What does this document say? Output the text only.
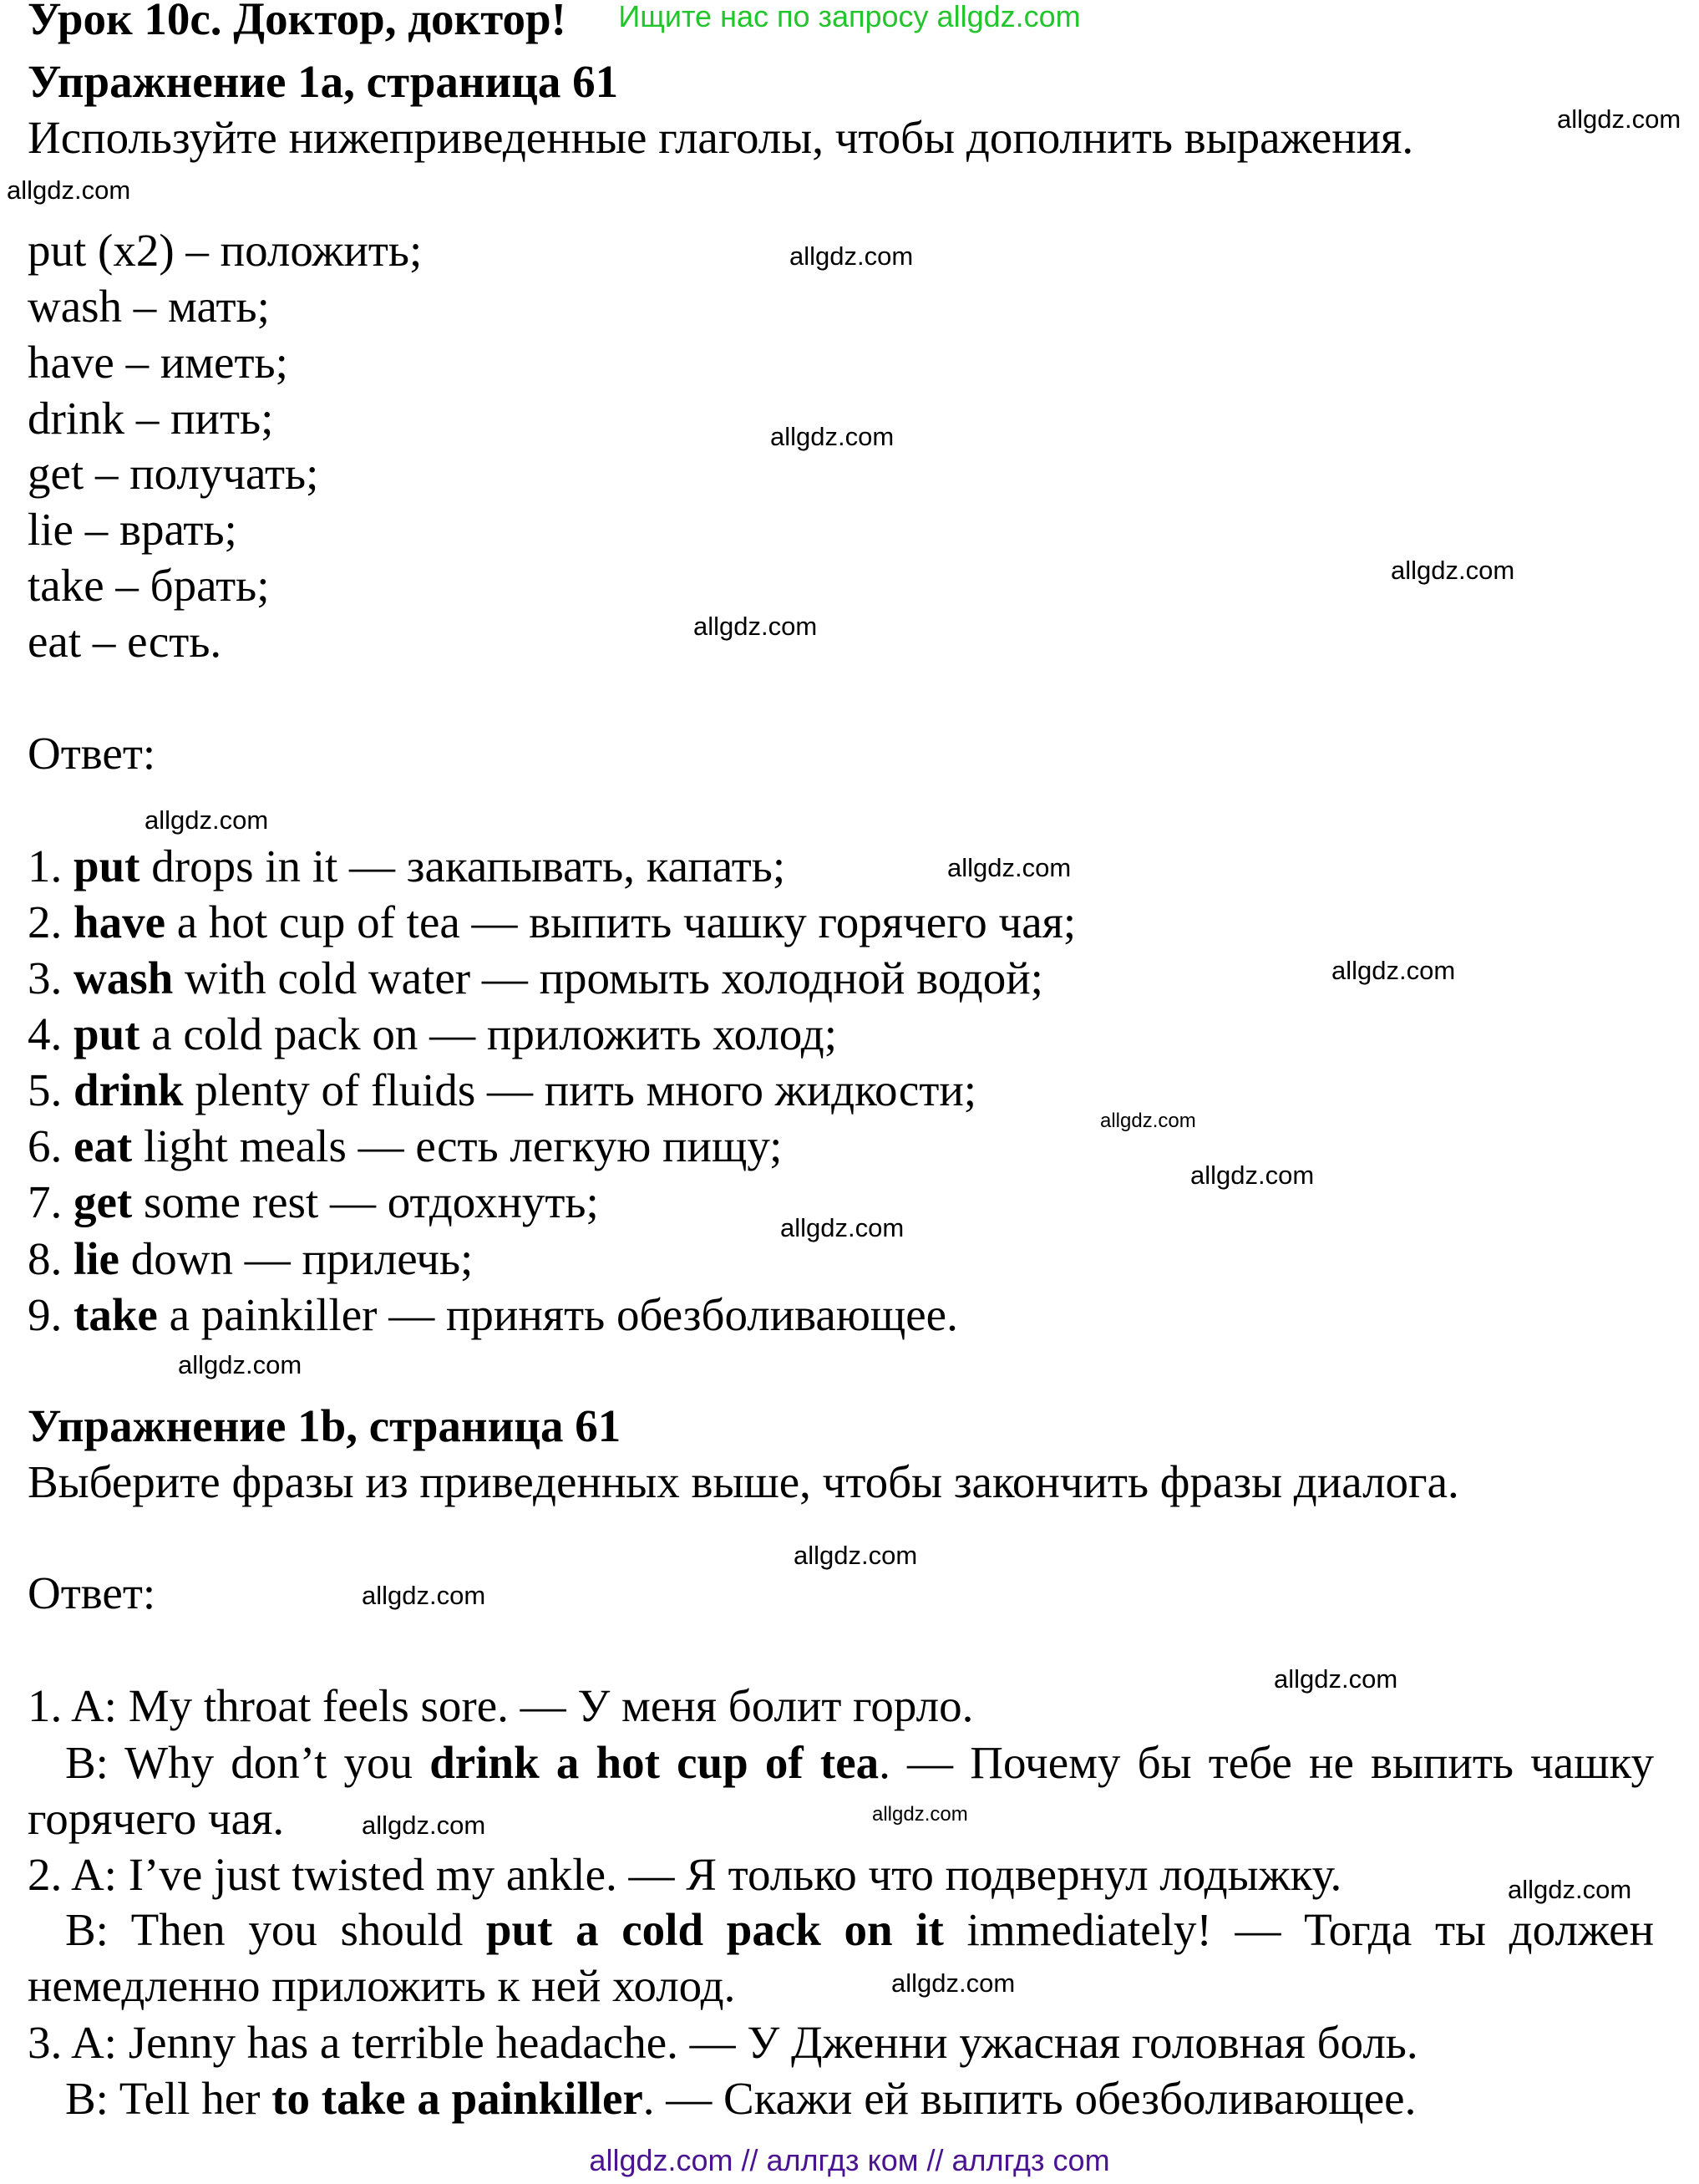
Ищите нас по запросу allgdz.com
Урок 10c. Доктор, доктор!
Упражнение 1a, страница 61
Используйте нижеприведенные глаголы, чтобы дополнить выражения.
put (x2) – положить;
wash – мать;
have – иметь;
drink – пить;
get – получать;
lie – врать;
take – брать;
eat – есть.
Ответ:
1. put drops in it — закапывать, капать;
2. have a hot cup of tea — выпить чашку горячего чая;
3. wash with cold water — промыть холодной водой;
4. put a cold pack on — приложить холод;
5. drink plenty of fluids — пить много жидкости;
6. eat light meals — есть легкую пищу;
7. get some rest — отдохнуть;
8. lie down — прилечь;
9. take a painkiller — принять обезболивающее.
Упражнение 1b, страница 61
Выберите фразы из приведенных выше, чтобы закончить фразы диалога.
Ответ:
1. A: My throat feels sore. — У меня болит горло.
B: Why don’t you drink a hot cup of tea. — Почему бы тебе не выпить чашку
горячего чая.
2. A: I’ve just twisted my ankle. — Я только что подвернул лодыжку.
B: Then you should put a cold pack on it immediately! — Тогда ты должен
немедленно приложить к ней холод.
3. A: Jenny has a terrible headache. — У Дженни ужасная головная боль.
B: Tell her to take a painkiller. — Скажи ей выпить обезболивающее.
allgdz.com
allgdz.com
allgdz.com
allgdz.com
allgdz.com
allgdz.com
allgdz.com
allgdz.com
allgdz.com
allgdz.com
allgdz.com
allgdz.com
allgdz.com
allgdz.com
allgdz.com
allgdz.com
allgdz.com
allgdz.com
allgdz.com
allgdz.com
allgdz.com // аллгдз ком // аллгдз com
